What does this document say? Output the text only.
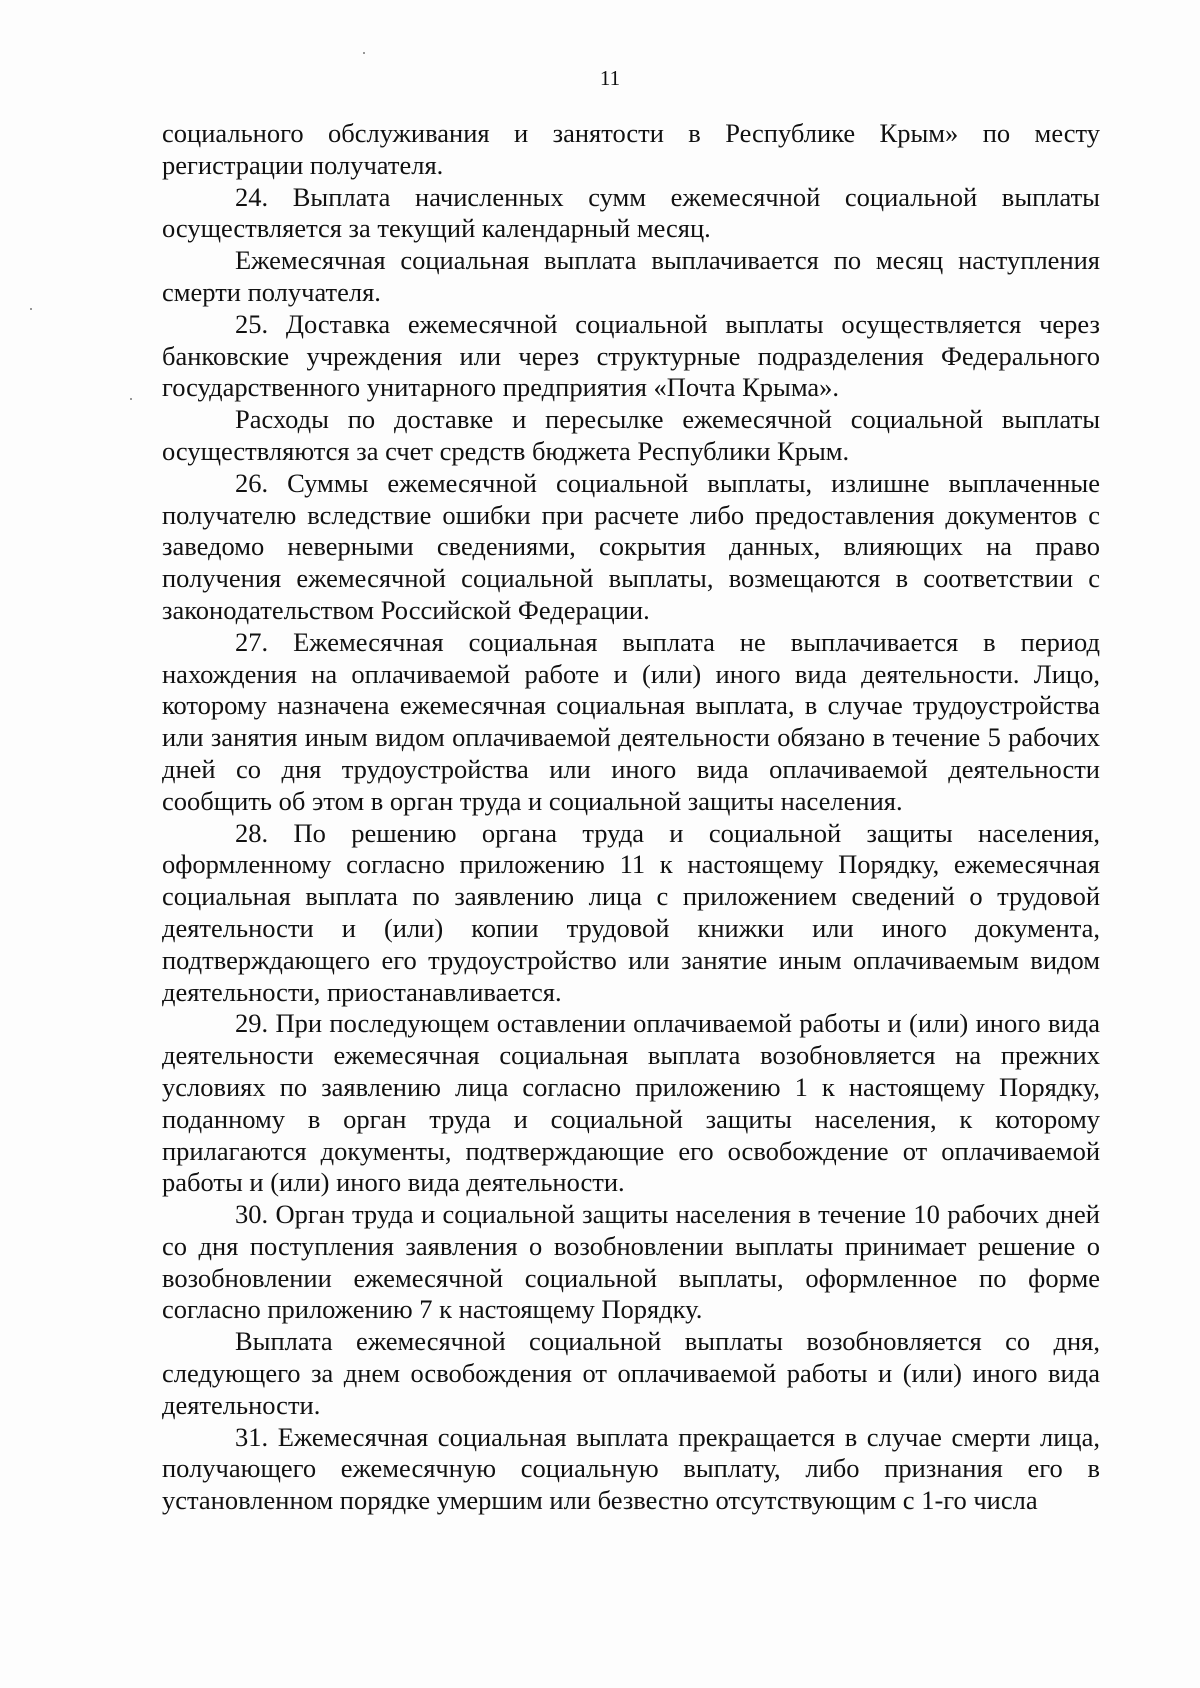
11

социального обслуживания и занятости в Республике Крым» по месту регистрации получателя.

24. Выплата начисленных сумм ежемесячной социальной выплаты осуществляется за текущий календарный месяц.

Ежемесячная социальная выплата выплачивается по месяц наступления смерти получателя.

25. Доставка ежемесячной социальной выплаты осуществляется через банковские учреждения или через структурные подразделения Федерального государственного унитарного предприятия «Почта Крыма».

Расходы по доставке и пересылке ежемесячной социальной выплаты осуществляются за счет средств бюджета Республики Крым.

26. Суммы ежемесячной социальной выплаты, излишне выплаченные получателю вследствие ошибки при расчете либо предоставления документов с заведомо неверными сведениями, сокрытия данных, влияющих на право получения ежемесячной социальной выплаты, возмещаются в соответствии с законодательством Российской Федерации.

27. Ежемесячная социальная выплата не выплачивается в период нахождения на оплачиваемой работе и (или) иного вида деятельности. Лицо, которому назначена ежемесячная социальная выплата, в случае трудоустройства или занятия иным видом оплачиваемой деятельности обязано в течение 5 рабочих дней со дня трудоустройства или иного вида оплачиваемой деятельности сообщить об этом в орган труда и социальной защиты населения.

28. По решению органа труда и социальной защиты населения, оформленному согласно приложению 11 к настоящему Порядку, ежемесячная социальная выплата по заявлению лица с приложением сведений о трудовой деятельности и (или) копии трудовой книжки или иного документа, подтверждающего его трудоустройство или занятие иным оплачиваемым видом деятельности, приостанавливается.

29. При последующем оставлении оплачиваемой работы и (или) иного вида деятельности ежемесячная социальная выплата возобновляется на прежних условиях по заявлению лица согласно приложению 1 к настоящему Порядку, поданному в орган труда и социальной защиты населения, к которому прилагаются документы, подтверждающие его освобождение от оплачиваемой работы и (или) иного вида деятельности.

30. Орган труда и социальной защиты населения в течение 10 рабочих дней со дня поступления заявления о возобновлении выплаты принимает решение о возобновлении ежемесячной социальной выплаты, оформленное по форме согласно приложению 7 к настоящему Порядку.

Выплата ежемесячной социальной выплаты возобновляется со дня, следующего за днем освобождения от оплачиваемой работы и (или) иного вида деятельности.

31. Ежемесячная социальная выплата прекращается в случае смерти лица, получающего ежемесячную социальную выплату, либо признания его в установленном порядке умершим или безвестно отсутствующим с 1-го числа
